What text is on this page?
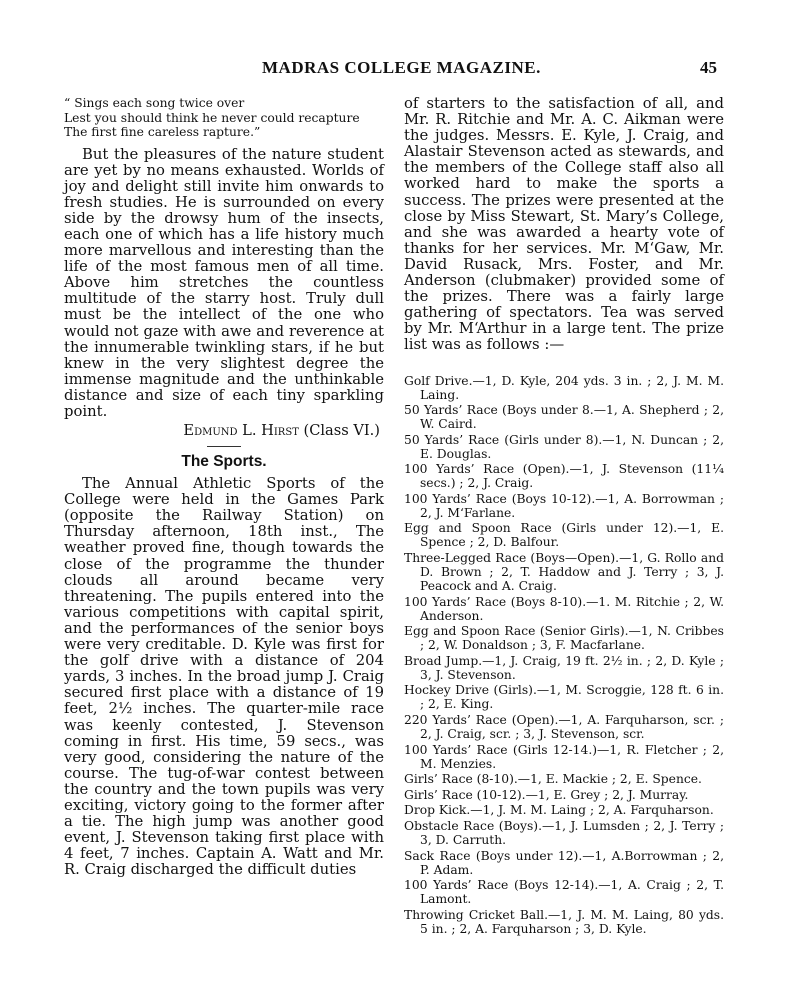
MADRAS COLLEGE MAGAZINE.	45
“ Sings each song twice over
Lest you should think he never could recapture
The first fine careless rapture.”

But the pleasures of the nature student are yet by no means exhausted. Worlds of joy and delight still invite him onwards to fresh studies. He is surrounded on every side by the drowsy hum of the insects, each one of which has a life history much more marvellous and interesting than the life of the most famous men of all time. Above him stretches the countless multitude of the starry host. Truly dull must be the intellect of the one who would not gaze with awe and reverence at the innumerable twinkling stars, if he but knew in the very slightest degree the immense magnitude and the unthinkable distance and size of each tiny sparkling point.

Edmund L. Hirst (Class VI.)
The Sports.

The Annual Athletic Sports of the College were held in the Games Park (opposite the Railway Station) on Thursday afternoon, 18th inst., The weather proved fine, though towards the close of the programme the thunder clouds all around became very threatening. The pupils entered into the various competitions with capital spirit, and the performances of the senior boys were very creditable. D. Kyle was first for the golf drive with a distance of 204 yards, 3 inches. In the broad jump J. Craig secured first place with a distance of 19 feet, 2½ inches. The quarter-mile race was keenly contested, J. Stevenson coming in first. His time, 59 secs., was very good, considering the nature of the course. The tug-of-war contest between the country and the town pupils was very exciting, victory going to the former after a tie. The high jump was another good event, J. Stevenson taking first place with 4 feet, 7 inches. Captain A. Watt and Mr. R. Craig discharged the difficult duties

of starters to the satisfaction of all, and Mr. R. Ritchie and Mr. A. C. Aikman were the judges. Messrs. E. Kyle, J. Craig, and Alastair Stevenson acted as stewards, and the members of the College staff also all worked hard to make the sports a success. The prizes were presented at the close by Miss Stewart, St. Mary’s College, and she was awarded a hearty vote of thanks for her services. Mr. M‘Gaw, Mr. David Rusack, Mrs. Foster, and Mr. Anderson (clubmaker) provided some of the prizes. There was a fairly large gathering of spectators. Tea was served by Mr. M‘Arthur in a large tent. The prize list was as follows :—

Golf Drive.—1, D. Kyle, 204 yds. 3 in. ; 2, J. M. M. Laing.

50 Yards’ Race (Boys under 8.—1, A. Shepherd ; 2, W. Caird.

50 Yards’ Race (Girls under 8).—1, N. Duncan ; 2, E. Douglas.

100 Yards’ Race (Open).—1, J. Stevenson (11¼ secs.) ; 2, J. Craig.

100 Yards’ Race (Boys 10-12).—1, A. Borrowman ; 2, J. M‘Farlane.

Egg and Spoon Race (Girls under 12).—1, E. Spence ; 2, D. Balfour.

Three-Legged Race (Boys—Open).—1, G. Rollo and D. Brown ; 2, T. Haddow and J. Terry ; 3, J. Peacock and A. Craig.

100 Yards’ Race (Boys 8-10).—1. M. Ritchie ; 2, W. Anderson.

Egg and Spoon Race (Senior Girls).—1, N. Cribbes ; 2, W. Donaldson ; 3, F. Macfarlane.

Broad Jump.—1, J. Craig, 19 ft. 2½ in. ; 2, D. Kyle ; 3, J. Stevenson.

Hockey Drive (Girls).—1, M. Scroggie, 128 ft. 6 in. ; 2, E. King.

220 Yards’ Race (Open).—1, A. Farquharson, scr. ; 2, J. Craig, scr. ; 3, J. Stevenson, scr.

100 Yards’ Race (Girls 12-14.)—1, R. Fletcher ; 2, M. Menzies.

Girls’ Race (8-10).—1, E. Mackie ; 2, E. Spence.

Girls’ Race (10-12).—1, E. Grey ; 2, J. Murray.

Drop Kick.—1, J. M. M. Laing ; 2, A. Farquharson.

Obstacle Race (Boys).—1, J. Lumsden ; 2, J. Terry ; 3, D. Carruth.

Sack Race (Boys under 12).—1, A.Borrowman ; 2, P. Adam.

100 Yards’ Race (Boys 12-14).—1, A. Craig ; 2, T. Lamont.

Throwing Cricket Ball.—1, J. M. M. Laing, 80 yds. 5 in. ; 2, A. Farquharson ; 3, D. Kyle.
